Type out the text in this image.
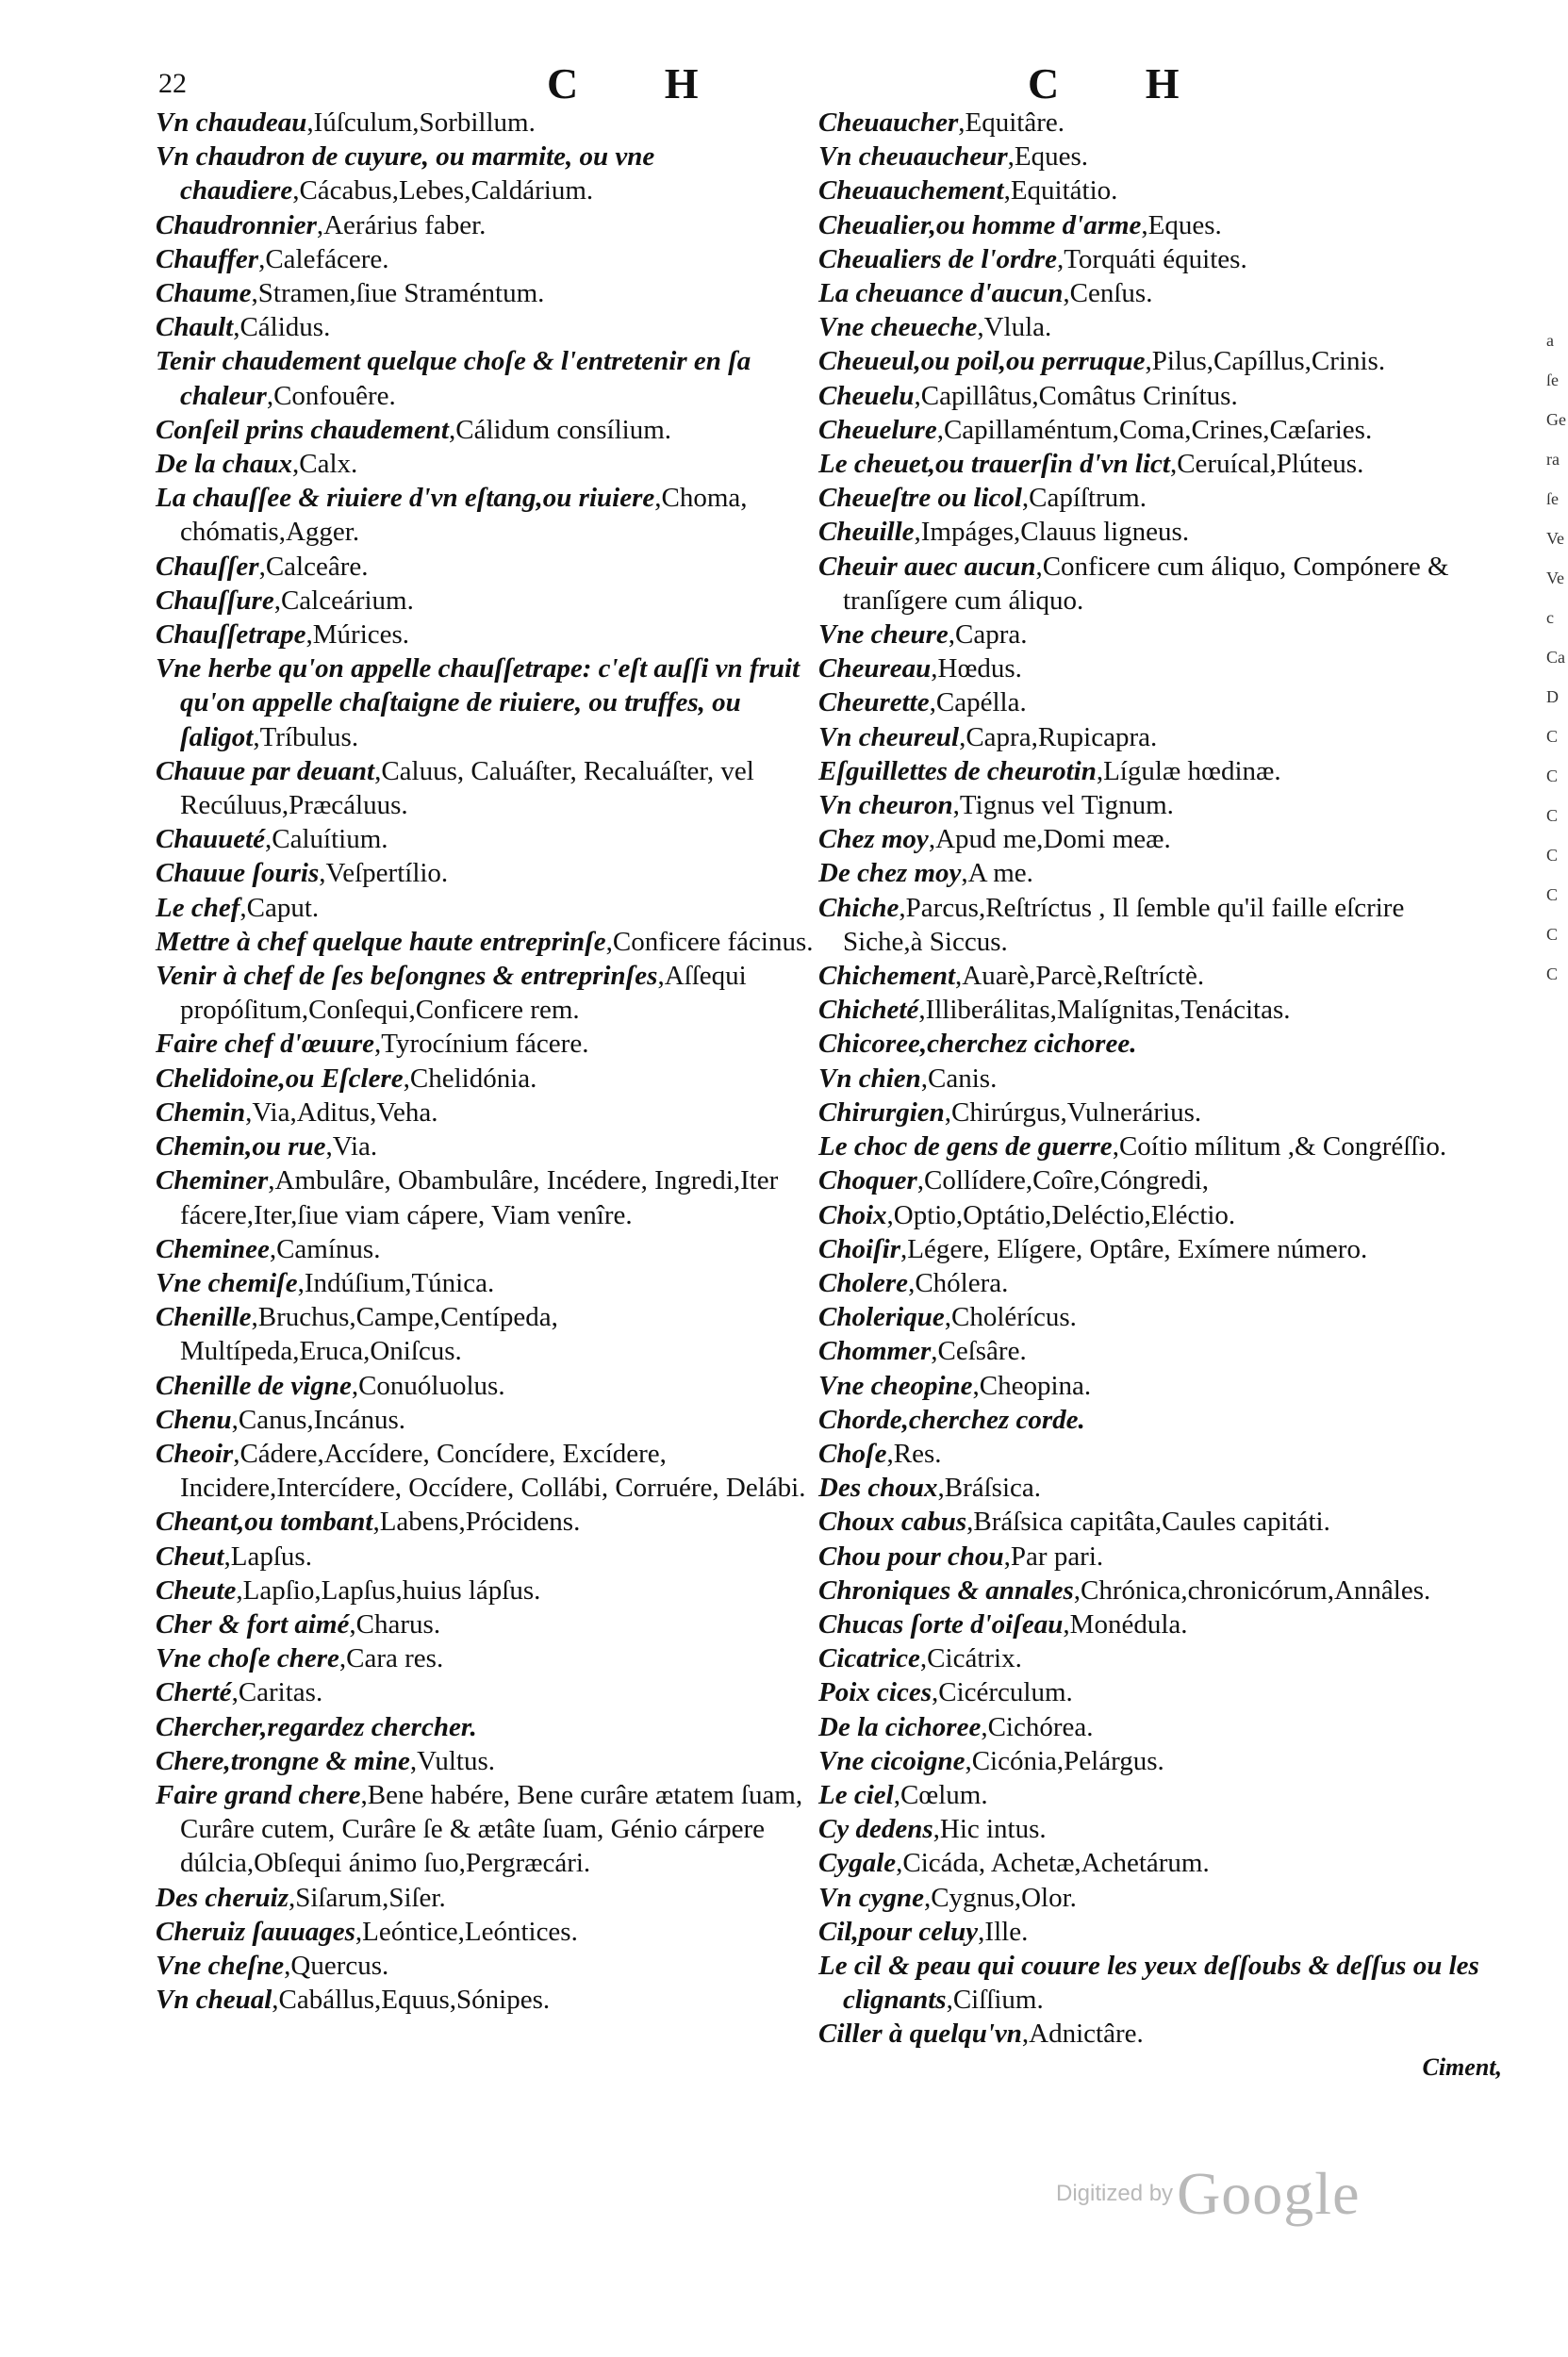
22	C H	C H
Vn chaudeau,Iúſculum,Sorbillum.
Vn chaudron de cuyure, ou marmite, ou vne chaudiere,Cácabus,Lebes,Caldárium.
Chaudronnier,Aerárius faber.
Chauffer,Calefácere.
Chaume,Stramen,ſiue Straméntum.
Chault,Cálidus.
Tenir chaudement quelque choſe & l'entretenir en ſa chaleur,Confouêre.
Conſeil prins chaudement,Cálidum consílium.
De la chaux,Calx.
La chauſſee & riuiere d'vn eſtang,ou riuiere,Choma, chómatis,Agger.
Chauſſer,Calceâre.
Chauſſure,Calceárium.
Chauſſetrape,Múrices.
Vne herbe qu'on appelle chauſſetrape: c'eſt auſſi vn fruit qu'on appelle chaſtaigne de riuiere, ou truffes, ou ſaligot,Tríbulus.
Chauue par deuant,Caluus, Caluáſter, Recaluáſter, vel Recúluus,Præcáluus.
Chauueté,Caluítium.
Chauue ſouris,Veſpertílio.
Le chef,Caput.
Mettre à chef quelque haute entreprinſe,Conficere fácinus.
Venir à chef de ſes beſongnes & entreprinſes,Aſſequi propóſitum,Conſequi,Conficere rem.
Faire chef d'œuure,Tyrocínium fácere.
Chelidoine,ou Eſclere,Chelidónia.
Chemin,Via,Aditus,Veha.
Chemin,ou rue,Via.
Cheminer,Ambulâre, Obambulâre, Incédere, Ingredi,Iter fácere,Iter,ſiue viam cápere, Viam venîre.
Cheminee,Camínus.
Vne chemiſe,Indúſium,Túnica.
Chenille,Bruchus,Campe,Centípeda, Multípeda,Eruca,Oniſcus.
Chenille de vigne,Conuóluolus.
Chenu,Canus,Incánus.
Cheoir,Cádere,Accídere, Concídere, Excídere, Incidere,Intercídere, Occídere, Collábi, Corruére, Delábi.
Cheant,ou tombant,Labens,Prócidens.
Cheut,Lapſus.
Cheute,Lapſio,Lapſus,huius lápſus.
Cher & fort aimé,Charus.
Vne choſe chere,Cara res.
Cherté,Caritas.
Chercher,regardez chercher.
Chere,trongne & mine,Vultus.
Faire grand chere,Bene habére, Bene curâre ætatem ſuam, Curâre cutem, Curâre ſe & ætâte ſuam, Génio cárpere dúlcia,Obſequi ánimo ſuo,Pergræcári.
Des cheruiz,Siſarum,Siſer.
Cheruiz ſauuages,Leóntice,Leóntices.
Vne cheſne,Quercus.
Vn cheual,Cabállus,Equus,Sónipes.
Cheuaucher,Equitâre.
Vn cheuaucheur,Eques.
Cheuauchement,Equitátio.
Cheualier,ou homme d'arme,Eques.
Cheualiers de l'ordre,Torquáti équites.
La cheuance d'aucun,Cenſus.
Vne cheueche,Vlula.
Cheueul,ou poil,ou perruque,Pilus,Capíllus,Crinis.
Cheuelu,Capillâtus,Comâtus Crinítus.
Cheuelure,Capillaméntum,Coma,Crines,Cæſaries.
Le cheuet,ou trauerſin d'vn lict,Ceruícal,Plúteus.
Cheueſtre ou licol,Capíſtrum.
Cheuille,Impáges,Clauus ligneus.
Cheuir auec aucun,Conficere cum áliquo, Compónere & tranſígere cum áliquo.
Vne cheure,Capra.
Cheureau,Hœdus.
Cheurette,Capélla.
Vn cheureul,Capra,Rupicapra.
Eſguillettes de cheurotin,Lígulæ hœdinæ.
Vn cheuron,Tignus vel Tignum.
Chez moy,Apud me,Domi meæ.
De chez moy,A me.
Chiche,Parcus,Reſtríctus , Il ſemble qu'il faille eſcrire Siche,à Siccus.
Chichement,Auarè,Parcè,Reſtríctè.
Chicheté,Illiberálitas,Malígnitas,Tenácitas.
Chicoree,cherchez cichoree.
Vn chien,Canis.
Chirurgien,Chirúrgus,Vulnerárius.
Le choc de gens de guerre,Coítio mílitum ,& Congréſſio.
Choquer,Collídere,Coîre,Cóngredi,
Choix,Optio,Optátio,Deléctio,Eléctio.
Choiſir,Légere, Elígere, Optâre, Exímere número.
Cholere,Chólera.
Cholerique,Cholérícus.
Chommer,Ceſsâre.
Vne cheopine,Cheopina.
Chorde,cherchez corde.
Choſe,Res.
Des choux,Bráſsica.
Choux cabus,Bráſsica capitâta,Caules capitáti.
Chou pour chou,Par pari.
Chroniques & annales,Chrónica,chronicórum,Annâles.
Chucas ſorte d'oiſeau,Monédula.
Cicatrice,Cicátrix.
Poix cices,Cicérculum.
De la cichoree,Cichórea.
Vne cicoigne,Cicónia,Pelárgus.
Le ciel,Cœlum.
Cy dedens,Hic intus.
Cygale,Cicáda, Achetæ,Achetárum.
Vn cygne,Cygnus,Olor.
Cil,pour celuy,Ille.
Le cil & peau qui couure les yeux deſſoubs & deſſus ou les clignants,Ciſſium.
Ciller à quelqu'vn,Adnictâre.
a
ſe
Ge
ra
ſe
Ve
Ve
c
Ca
D
C
C
C
C
C
C
C
Ciment,
Digitized by Google
